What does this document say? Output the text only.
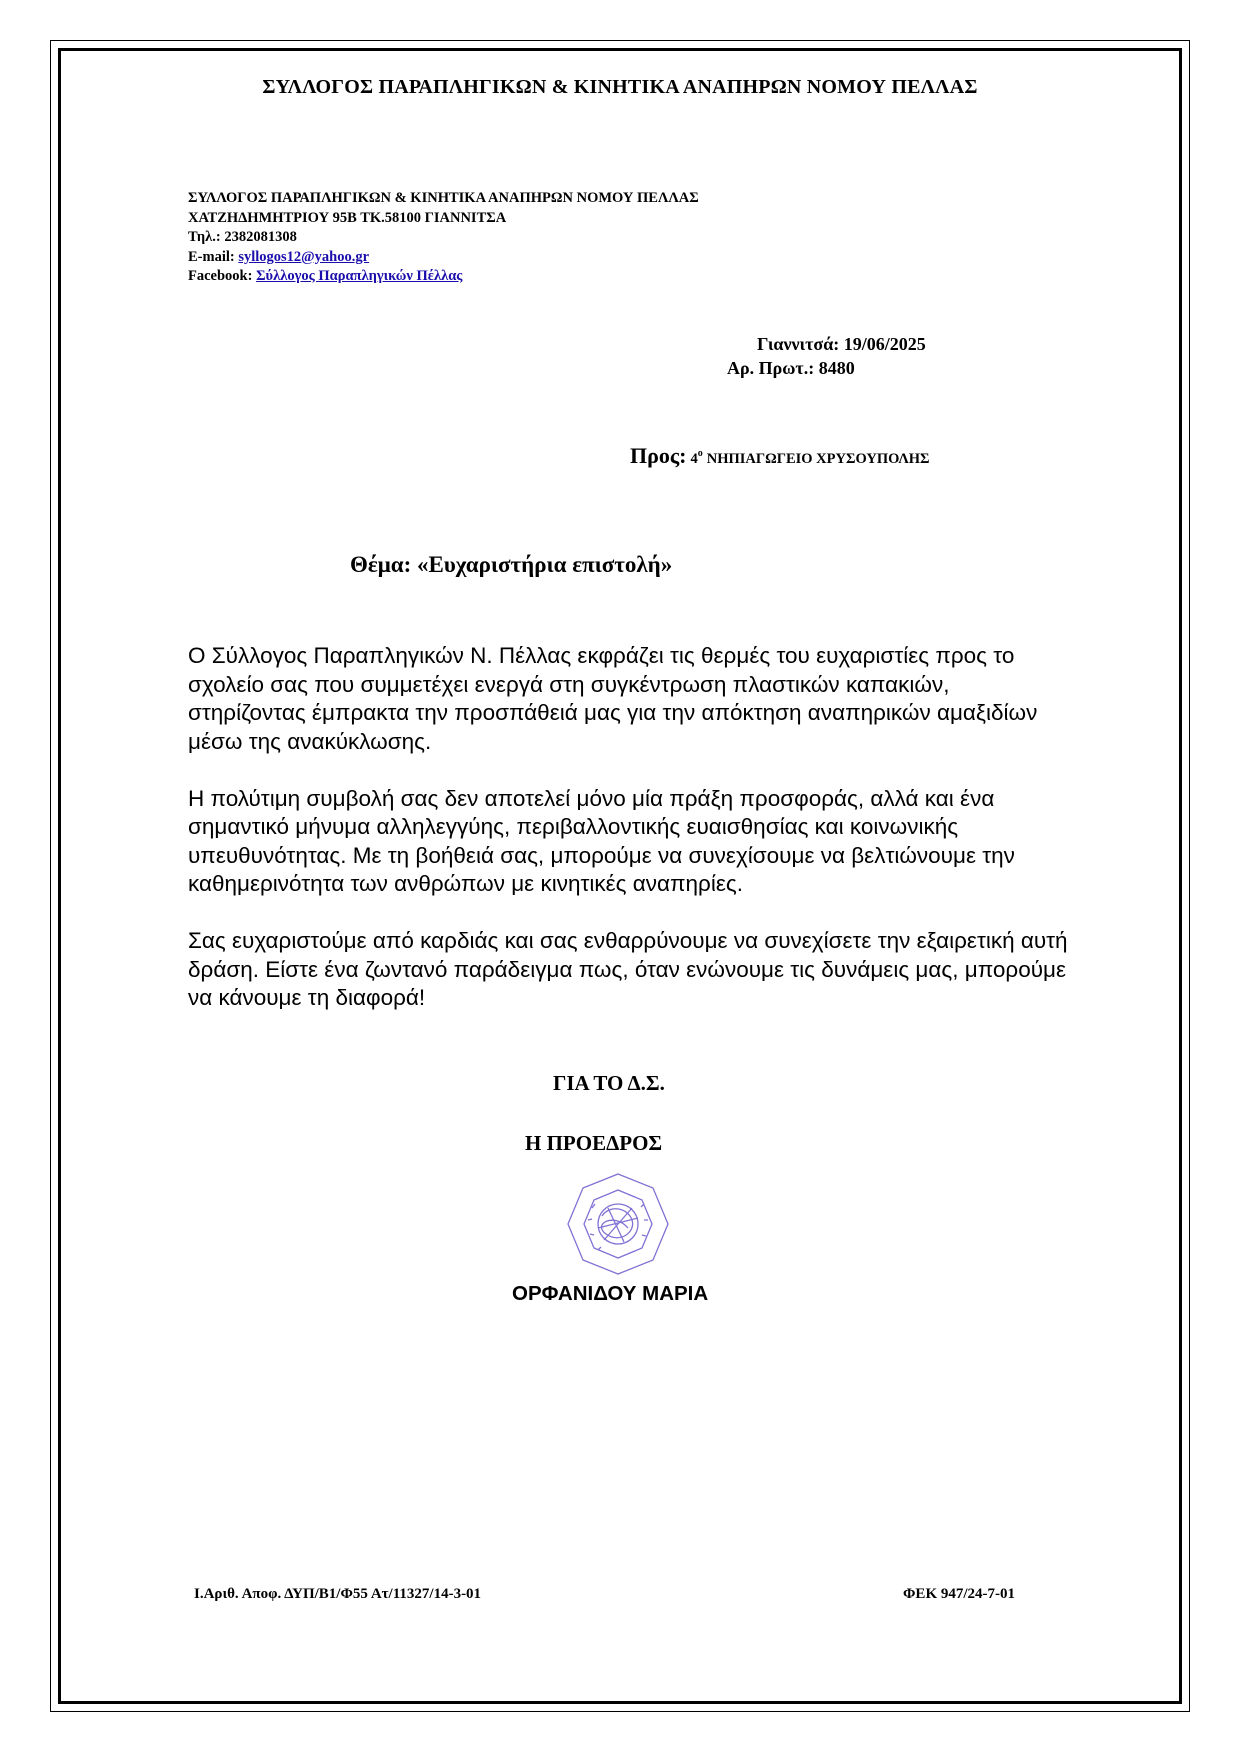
ΣΥΛΛΟΓΟΣ ΠΑΡΑΠΛΗΓΙΚΩΝ & ΚΙΝΗΤΙΚΑ ΑΝΑΠΗΡΩΝ ΝΟΜΟΥ ΠΕΛΛΑΣ
ΣΥΛΛΟΓΟΣ ΠΑΡΑΠΛΗΓΙΚΩΝ & ΚΙΝΗΤΙΚΑ ΑΝΑΠΗΡΩΝ ΝΟΜΟΥ ΠΕΛΛΑΣ
ΧΑΤΖΗΔΗΜΗΤΡΙΟΥ 95Β ΤΚ.58100 ΓΙΑΝΝΙΤΣΑ
Τηλ.: 2382081308
E-mail: syllogos12@yahoo.gr
Facebook: Σύλλογος Παραπληγικών Πέλλας
Γιαννιτσά: 19/06/2025
Αρ. Πρωτ.: 8480
Προς: $4^o$ ΝΗΠΙΑΓΩΓΕΙΟ ΧΡΥΣΟΥΠΟΛΗΣ
Θέμα: «Ευχαριστήρια επιστολή»

Ο Σύλλογος Παραπληγικών Ν. Πέλλας εκφράζει τις θερμές του ευχαριστίες προς το σχολείο σας που συμμετέχει ενεργά στη συγκέντρωση πλαστικών καπακιών, στηρίζοντας έμπρακτα την προσπάθειά μας για την απόκτηση αναπηρικών αμαξιδίων μέσω της ανακύκλωσης.

Η πολύτιμη συμβολή σας δεν αποτελεί μόνο μία πράξη προσφοράς, αλλά και ένα σημαντικό μήνυμα αλληλεγγύης, περιβαλλοντικής ευαισθησίας και κοινωνικής υπευθυνότητας. Με τη βοήθειά σας, μπορούμε να συνεχίσουμε να βελτιώνουμε την καθημερινότητα των ανθρώπων με κινητικές αναπηρίες.

Σας ευχαριστούμε από καρδιάς και σας ενθαρρύνουμε να συνεχίσετε την εξαιρετική αυτή δράση. Είστε ένα ζωντανό παράδειγμα πως, όταν ενώνουμε τις δυνάμεις μας, μπορούμε να κάνουμε τη διαφορά!

ΓΙΑ ΤΟ Δ.Σ.
Η ΠΡΟΕΔΡΟΣ
ΟΡΦΑΝΙΔΟΥ ΜΑΡΙΑ
Ι.Αριθ. Αποφ. ΔΥΠ/Β1/Φ55 Ατ/11327/14-3-01	ΦΕΚ 947/24-7-01
